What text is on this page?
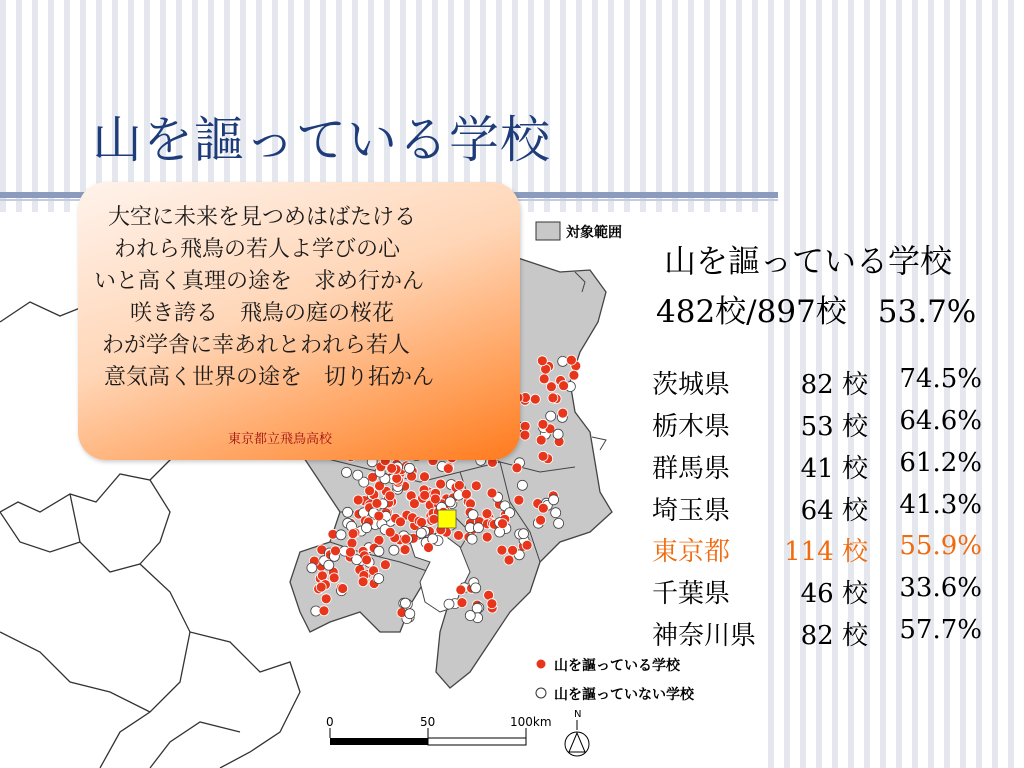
山を謳っている学校
対象範囲
山を謳っている学校
山を謳っていない学校
0	50	100km
N
大空に未来を見つめはばたける
われら飛鳥の若人よ学びの心
いと高く真理の途を　求め行かん
咲き誇る　飛鳥の庭の桜花
わが学舎に幸あれとわれら若人
意気高く世界の途を　切り拓かん
東京都立飛鳥高校
山を謳っている学校
482校/897校　53.7%
茨城県	82 校 74.5%
栃木県	53 校 64.6%
群馬県	41 校 61.2%
埼玉県	64 校 41.3%
東京都 114 校 55.9%
千葉県	46 校 33.6%
神奈川県 82 校 57.7%
